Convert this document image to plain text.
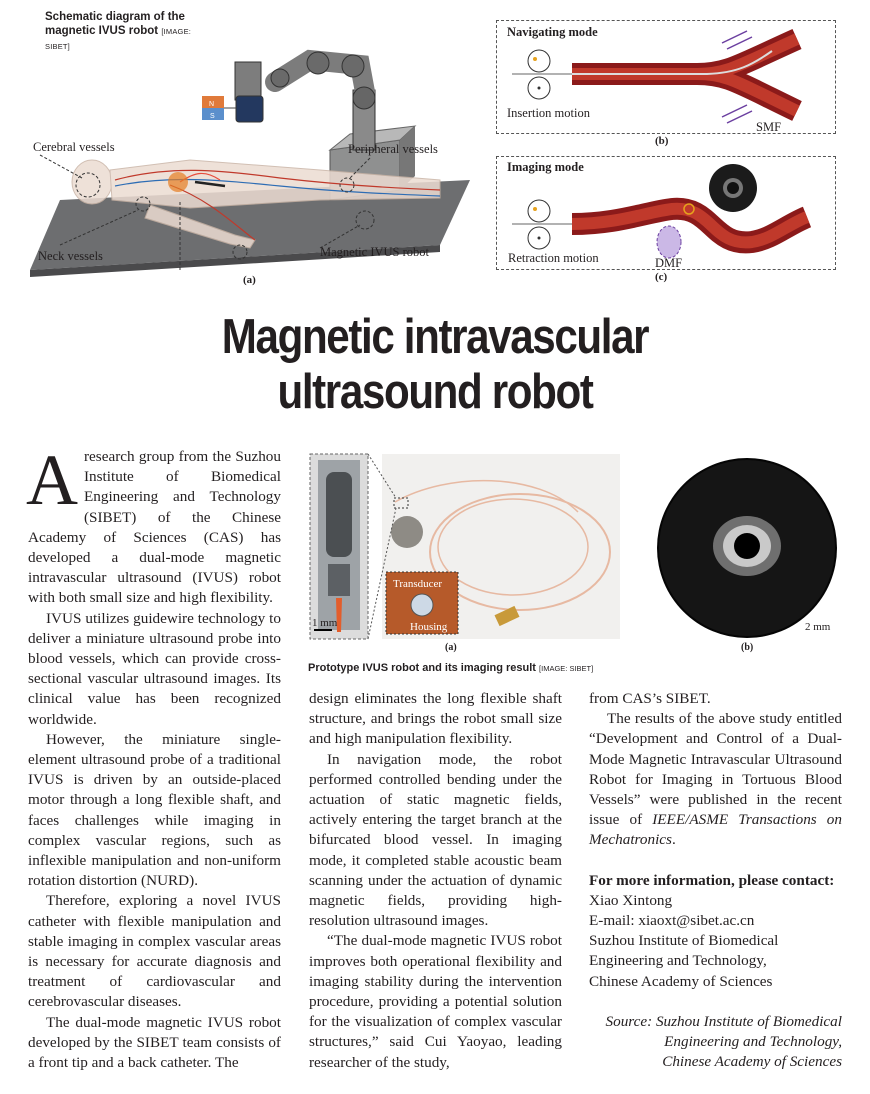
Schematic diagram of the magnetic IVUS robot [IMAGE: SIBET]
N
S
Cerebral vessels	Peripheral vessels
Neck vessels	Magnetic IVUS robot
(a)
Navigating mode
Insertion motion
SMF
(b)
Imaging mode
Retraction motion	DMF
(c)
Magnetic intravascular
ultrasound robot

Aresearch group from the Suzhou Institute of Biomedical Engineering and Technology (SIBET) of the Chinese Academy of Sciences (CAS) has developed a dual-mode magnetic intravascular ultrasound (IVUS) robot with both small size and high flexibility.

IVUS utilizes guidewire technology to deliver a miniature ultrasound probe into blood vessels, which can provide cross-sectional vascular ultrasound images. Its clinical value has been recognized worldwide.

However, the miniature single-element ultrasound probe of a traditional IVUS is driven by an outside-placed motor through a long flexible shaft, and faces challenges while imaging in complex vascular regions, such as inflexible manipulation and non-uniform rotation distortion (NURD).

Therefore, exploring a novel IVUS catheter with flexible manipulation and stable imaging in complex vascular areas is necessary for accurate diagnosis and treatment of cardiovascular and cerebrovascular diseases.

The dual-mode magnetic IVUS robot developed by the SIBET team consists of a front tip and a back catheter. The

1 mm
Transducer
Housing
(a)
2 mm
(b)
Prototype IVUS robot and its imaging result [IMAGE: SIBET]

design eliminates the long flexible shaft structure, and brings the robot small size and high manipulation flexibility.

In navigation mode, the robot performed controlled bending under the actuation of static magnetic fields, actively entering the target branch at the bifurcated blood vessel. In imaging mode, it completed stable acoustic beam scanning under the actuation of dynamic magnetic fields, providing high-resolution ultrasound images.

“The dual-mode magnetic IVUS robot improves both operational flexibility and imaging stability during the intervention procedure, providing a potential solution for the visualization of complex vascular structures,” said Cui Yaoyao, leading researcher of the study,

from CAS’s SIBET.

The results of the above study entitled “Development and Control of a Dual-Mode Magnetic Intravascular Ultrasound Robot for Imaging in Tortuous Blood Vessels” were published in the recent issue of IEEE/ASME Transactions on Mechatronics.

For more information, please contact:

Xiao Xintong

E-mail: xiaoxt@sibet.ac.cn

Suzhou Institute of Biomedical Engineering and Technology,

Chinese Academy of Sciences

Source: Suzhou Institute of Biomedical

Engineering and Technology,

Chinese Academy of Sciences
